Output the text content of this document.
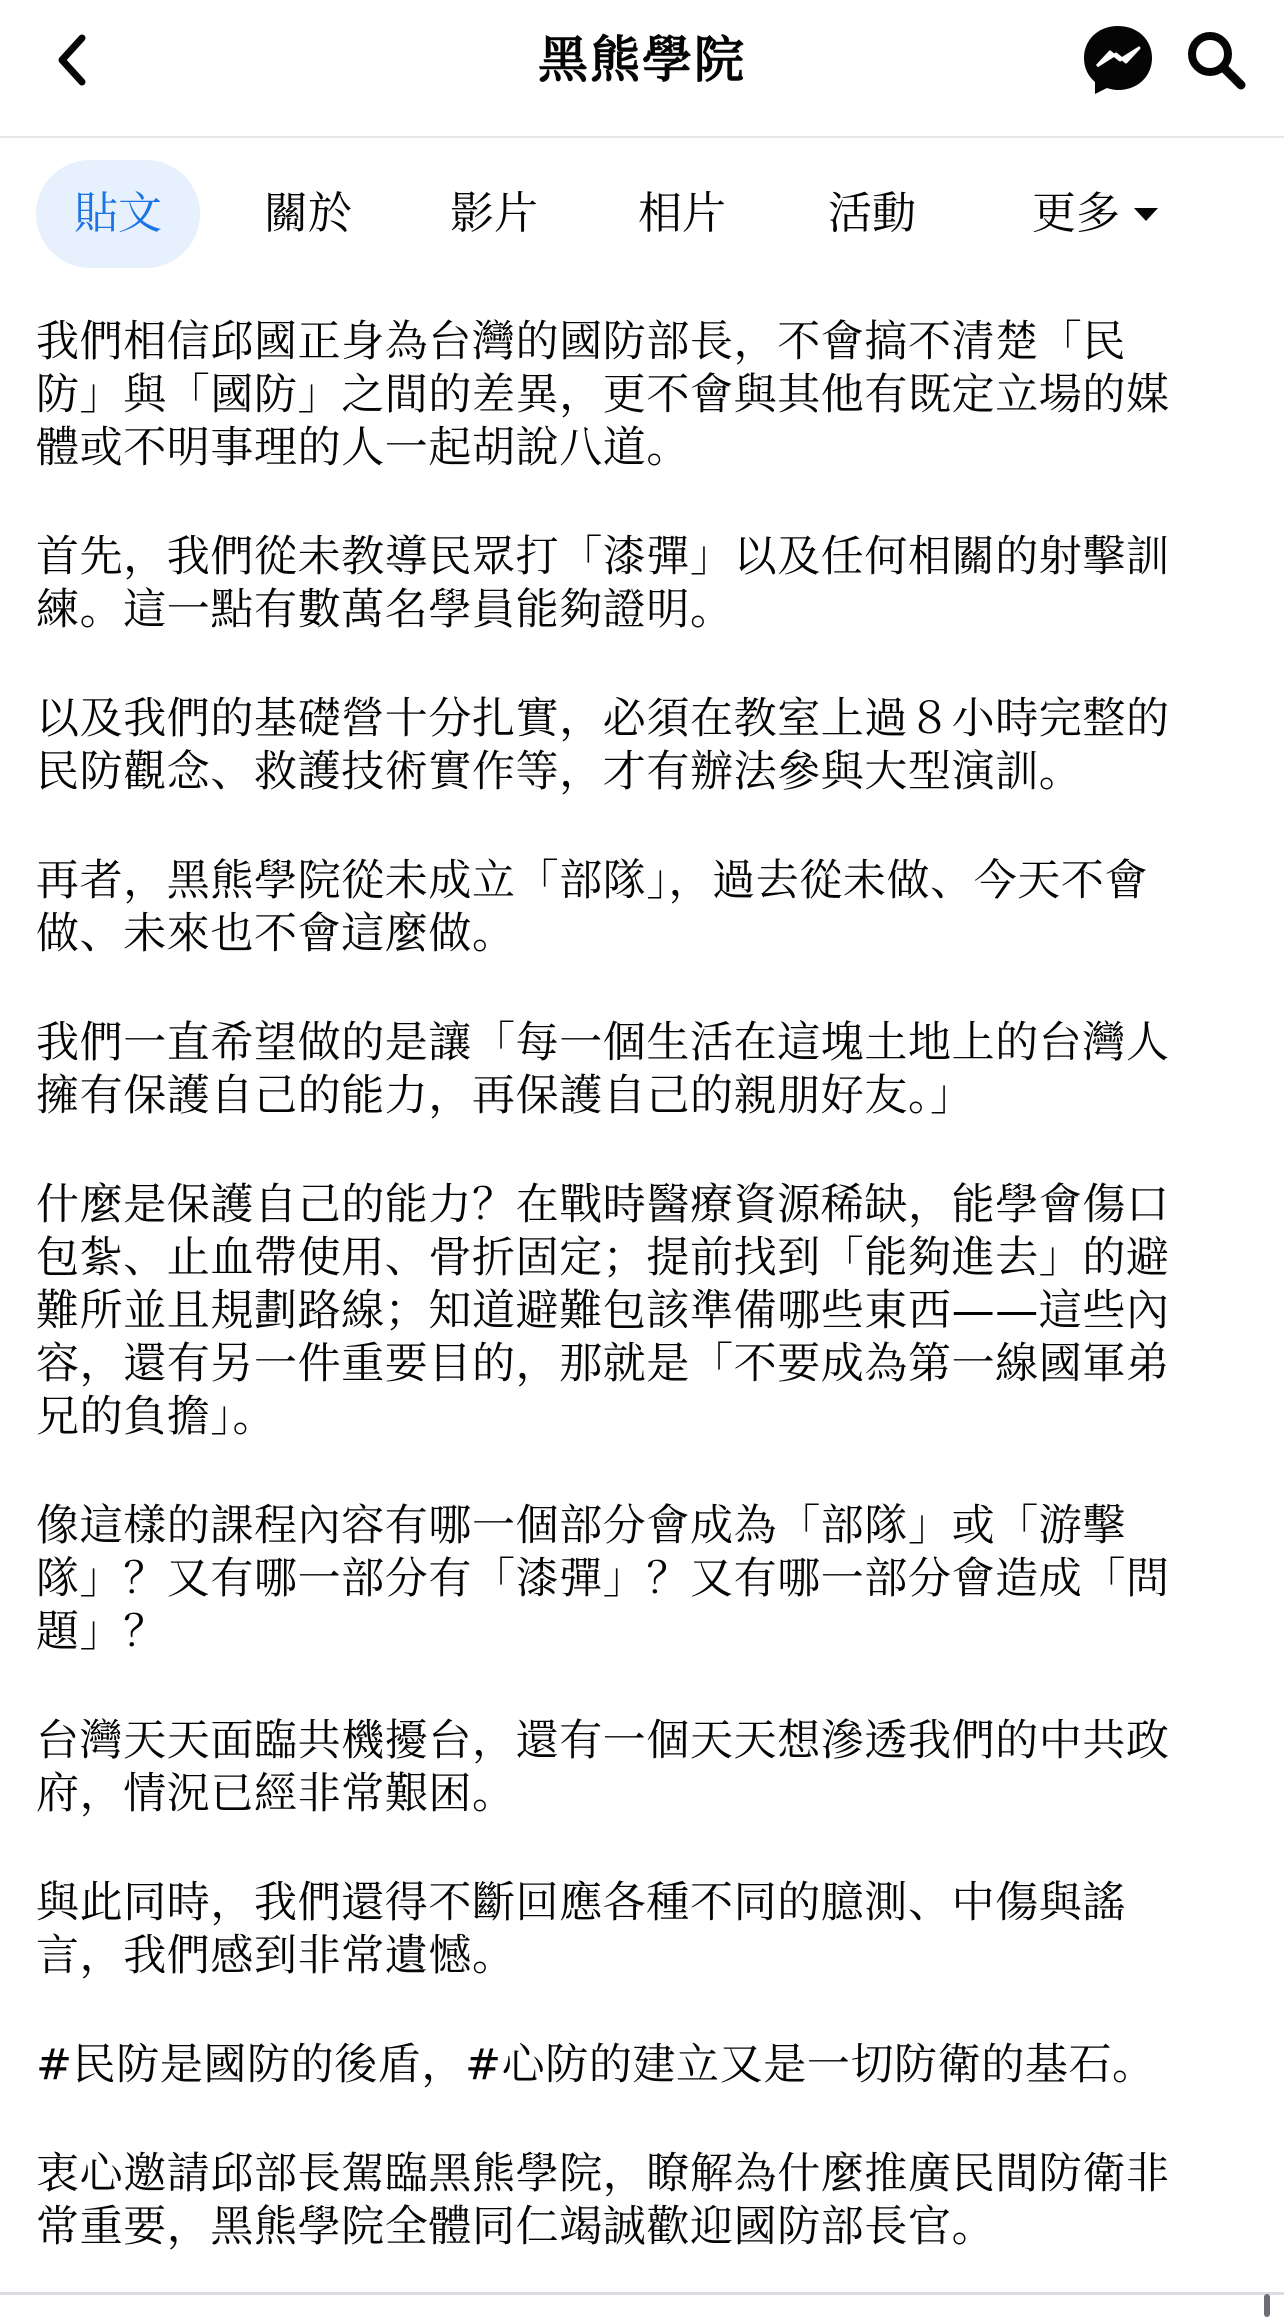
黑熊學院
貼文	關於	影片	相片	活動	更多

我們相信邱國正身為台灣的國防部長，不會搞不清楚「民
防」與「國防」之間的差異，更不會與其他有既定立場的媒
體或不明事理的人一起胡說八道。

首先，我們從未教導民眾打「漆彈」以及任何相關的射擊訓
練。這一點有數萬名學員能夠證明。

以及我們的基礎營十分扎實，必須在教室上過８小時完整的
民防觀念、救護技術實作等，才有辦法參與大型演訓。

再者，黑熊學院從未成立「部隊」，過去從未做、今天不會
做、未來也不會這麼做。

我們一直希望做的是讓「每一個生活在這塊土地上的台灣人
擁有保護自己的能力，再保護自己的親朋好友。」

什麼是保護自己的能力？在戰時醫療資源稀缺，能學會傷口
包紮、止血帶使用、骨折固定；提前找到「能夠進去」的避
難所並且規劃路線；知道避難包該準備哪些東西——這些內
容，還有另一件重要目的，那就是「不要成為第一線國軍弟
兄的負擔」。

像這樣的課程內容有哪一個部分會成為「部隊」或「游擊
隊」？又有哪一部分有「漆彈」？又有哪一部分會造成「問
題」？

台灣天天面臨共機擾台，還有一個天天想滲透我們的中共政
府，情況已經非常艱困。

與此同時，我們還得不斷回應各種不同的臆測、中傷與謠
言，我們感到非常遺憾。

#民防是國防的後盾，#心防的建立又是一切防衛的基石。

衷心邀請邱部長駕臨黑熊學院，瞭解為什麼推廣民間防衛非
常重要，黑熊學院全體同仁竭誠歡迎國防部長官。
